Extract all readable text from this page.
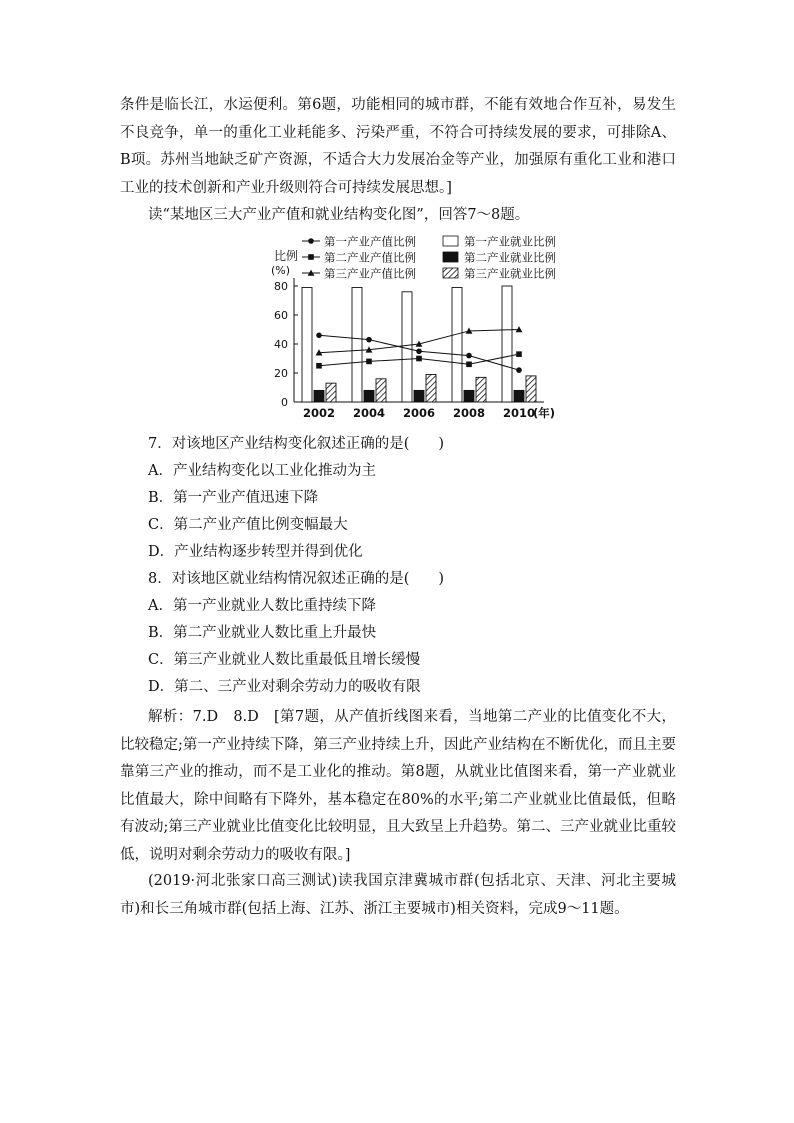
条件是临长江，水运便利。第6题，功能相同的城市群，不能有效地合作互补，易发生不良竞争，单一的重化工业耗能多、污染严重，不符合可持续发展的要求，可排除A、B项。苏州当地缺乏矿产资源，不适合大力发展冶金等产业，加强原有重化工业和港口工业的技术创新和产业升级则符合可持续发展思想。]

读“某地区三大产业产值和就业结构变化图”，回答7～8题。

第一产业产值比例	第一产业就业比例
第二产业产值比例	第二产业就业比例
第三产业产值比例	第三产业就业比例
比例
(%)
0
20
40
60
80
2002 2004 2006 2008 2010
(年)

7．对该地区产业结构变化叙述正确的是(　　)

A．产业结构变化以工业化推动为主

B．第一产业产值迅速下降

C．第二产业产值比例变幅最大

D．产业结构逐步转型并得到优化

8．对该地区就业结构情况叙述正确的是(　　)

A．第一产业就业人数比重持续下降

B．第二产业就业人数比重上升最快

C．第三产业就业人数比重最低且增长缓慢

D．第二、三产业对剩余劳动力的吸收有限

解析：7.D　8.D　[第7题，从产值折线图来看，当地第二产业的比值变化不大，比较稳定;第一产业持续下降，第三产业持续上升，因此产业结构在不断优化，而且主要靠第三产业的推动，而不是工业化的推动。第8题，从就业比值图来看，第一产业就业比值最大，除中间略有下降外，基本稳定在80%的水平;第二产业就业比值最低，但略有波动;第三产业就业比值变化比较明显，且大致呈上升趋势。第二、三产业就业比重较低，说明对剩余劳动力的吸收有限。]

(2019·河北张家口高三测试)读我国京津冀城市群(包括北京、天津、河北主要城市)和长三角城市群(包括上海、江苏、浙江主要城市)相关资料，完成9～11题。
